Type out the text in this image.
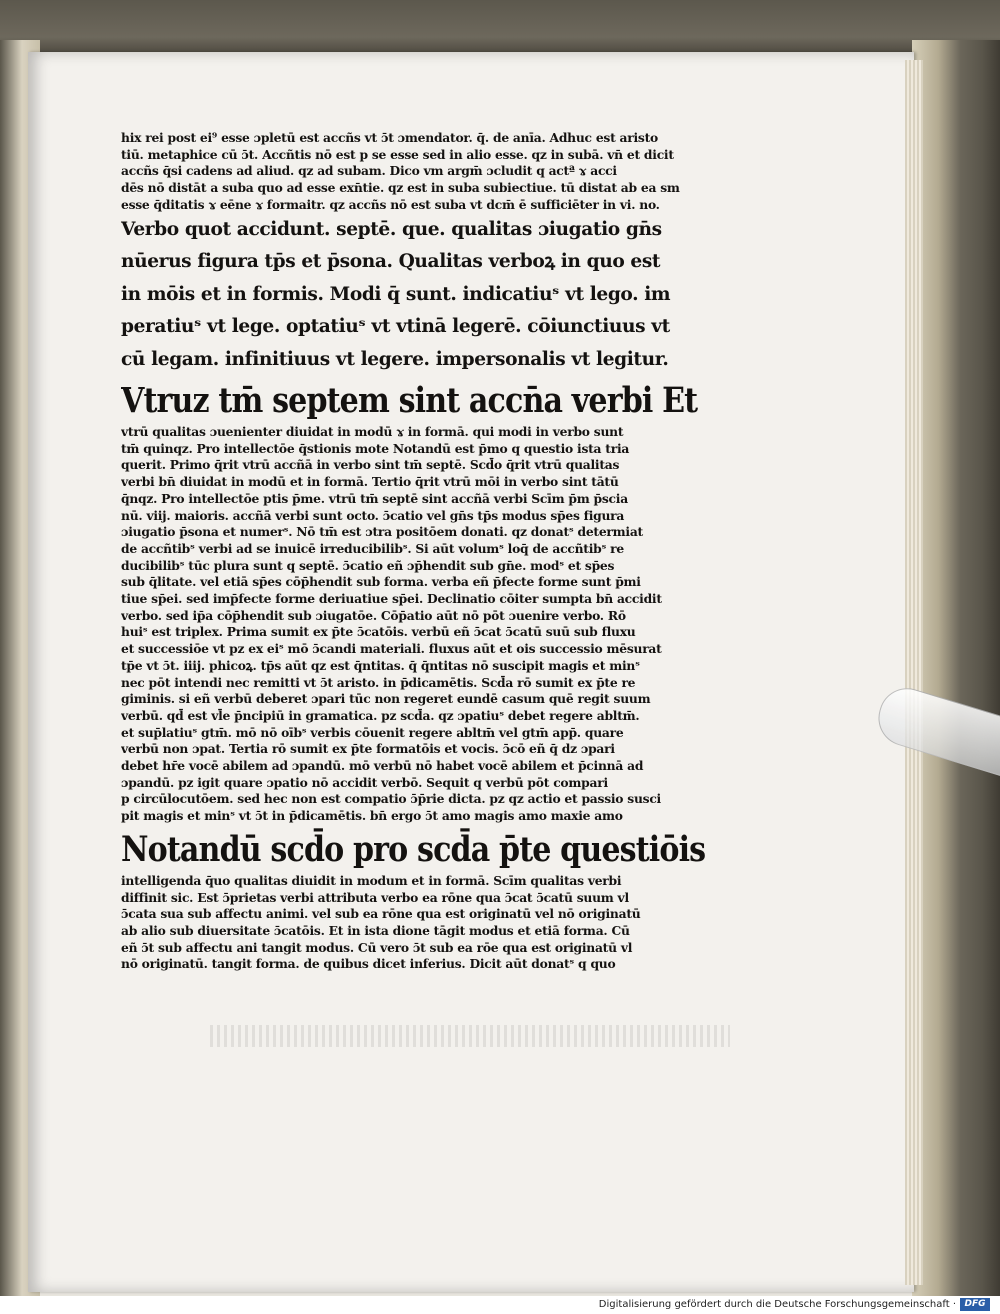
hix rei post ei⁹ esse ɔpletū est accñs vt ɔ̄t ɔmendator. q̄. de anīa. Adhuc est aristo
tiū. metaphice cū ɔ̄t. Accñtis nō est p se esse sed in alio esse. qz in subā. vn̄ et dicit
accñs q̄si cadens ad aliud. qz ad subam. Dico vm argm̄ ɔcludit q actª ɤ acci
dēs nō distāt a suba quo ad esse exn̄tie. qz est in suba subiectiue. tū distat ab ea sm
esse q̄ditatis ɤ eēne ɤ formaitr. qz accñs nō est suba vt dcm̄ ē sufficiēter in vi. no.
Verbo quot accidunt. septē. que. qualitas ɔiugatio gn̄s
nūerus figura tp̄s et p̄sona. Qualitas verboꝝ in quo est
in mōis et in formis. Modi q̄ sunt. indicatiuˢ vt lego. im
peratiuˢ vt lege. optatiuˢ vt vtinā legerē. cōiunctiuus vt
cū legam. infinitiuus vt legere. impersonalis vt legitur.
Vtruz tm̄ septem sint accn̄a verbi Et
vtrū qualitas ɔuenienter diuidat in modū ɤ in formā. qui modi in verbo sunt
tm̄ quinqz. Pro intellectōe q̄stionis mote Notandū est p̄mo q questio ista tria
querit. Primo q̄rit vtrū accñā in verbo sint tm̄ septē. Scd̄o q̄rit vtrū qualitas
verbi bn̄ diuidat in modū et in formā. Tertio q̄rit vtrū mōi in verbo sint tātū
q̄nqz. Pro intellectōe ptis p̄me. vtrū tm̄ septē sint accñā verbi Scīm p̄m p̄scia
nū. viij. maioris. accñā verbi sunt octo. ɔ̄catio vel gn̄s tp̄s modus sp̄es figura
ɔiugatio p̄sona et numerˢ. Nō tm̄ est ɔtra positōem donati. qz donatˢ determiat
de accñtibˢ verbi ad se inuicē irreducibilibˢ. Si aūt volumˢ loq̄ de accñtibˢ re
ducibilibˢ tūc plura sunt q septē. ɔ̄catio eñ ɔp̄hendit sub gn̄e. modˢ et sp̄es
sub q̄litate. vel etiā sp̄es cōp̄hendit sub forma. verba eñ p̄fecte forme sunt p̄mi
tiue sp̄ei. sed imp̄fecte forme deriuatiue sp̄ei. Declinatio cōiter sumpta bn̄ accidit
verbo. sed ip̄a cōp̄hendit sub ɔiugatōe. Cōp̄atio aūt nō pōt ɔuenire verbo. Rō
huiˢ est triplex. Prima sumit ex p̄te ɔ̄catōis. verbū eñ ɔ̄cat ɔ̄catū suū sub fluxu
et successiōe vt pz ex eiˢ mō ɔ̄candi materiali. fluxus aūt et ois successio mēsurat
tp̄e vt ɔ̄t. iiij. phicoꝝ. tp̄s aūt qz est q̄ntitas. q̄ q̄ntitas nō suscipit magis et minˢ
nec pōt intendi nec remitti vt ɔ̄t aristo. in p̄dicamētis. Scd̄a rō sumit ex p̄te re
giminis. si eñ verbū deberet ɔpari tūc non regeret eundē casum quē regit suum
verbū. qd̄ est vl̄e p̄ncipiū in gramatica. pz scd̄a. qz ɔpatiuˢ debet regere abltm̄.
et sup̄latiuˢ gtm̄. mō nō oībˢ verbis cōuenit regere abltm̄ vel gtm̄ app̄. quare
verbū non ɔpat. Tertia rō sumit ex p̄te formatōis et vocis. ɔ̄cō eñ q̄ dz ɔpari
debet hr̄e vocē abilem ad ɔpandū. mō verbū nō habet vocē abilem et p̄cinnā ad
ɔpandū. pz igit quare ɔpatio nō accidit verbō. Sequit q verbū pōt compari
p circūlocutōem. sed hec non est compatio ɔ̄p̄rie dicta. pz qz actio et passio susci
pit magis et minˢ vt ɔ̄t in p̄dicamētis. bn̄ ergo ɔ̄t amo magis amo maxie amo
Notandū scd̄o pro scd̄a p̄te questiōis
intelligenda q̄uo qualitas diuidit in modum et in formā. Scīm qualitas verbi
diffinit sic. Est ɔ̄prietas verbi attributa verbo ea rōne qua ɔ̄cat ɔ̄catū suum vl
ɔ̄cata sua sub affectu animi. vel sub ea rōne qua est originatū vel nō originatū
ab alio sub diuersitate ɔ̄catōis. Et in ista dione tāgit modus et etiā forma. Cū
eñ ɔ̄t sub affectu ani tangit modus. Cū vero ɔ̄t sub ea rōe qua est originatū vl
nō originatū. tangit forma. de quibus dicet inferius. Dicit aūt donatˢ q quo
Digitalisierung gefördert durch die Deutsche Forschungsgemeinschaft · DFG
